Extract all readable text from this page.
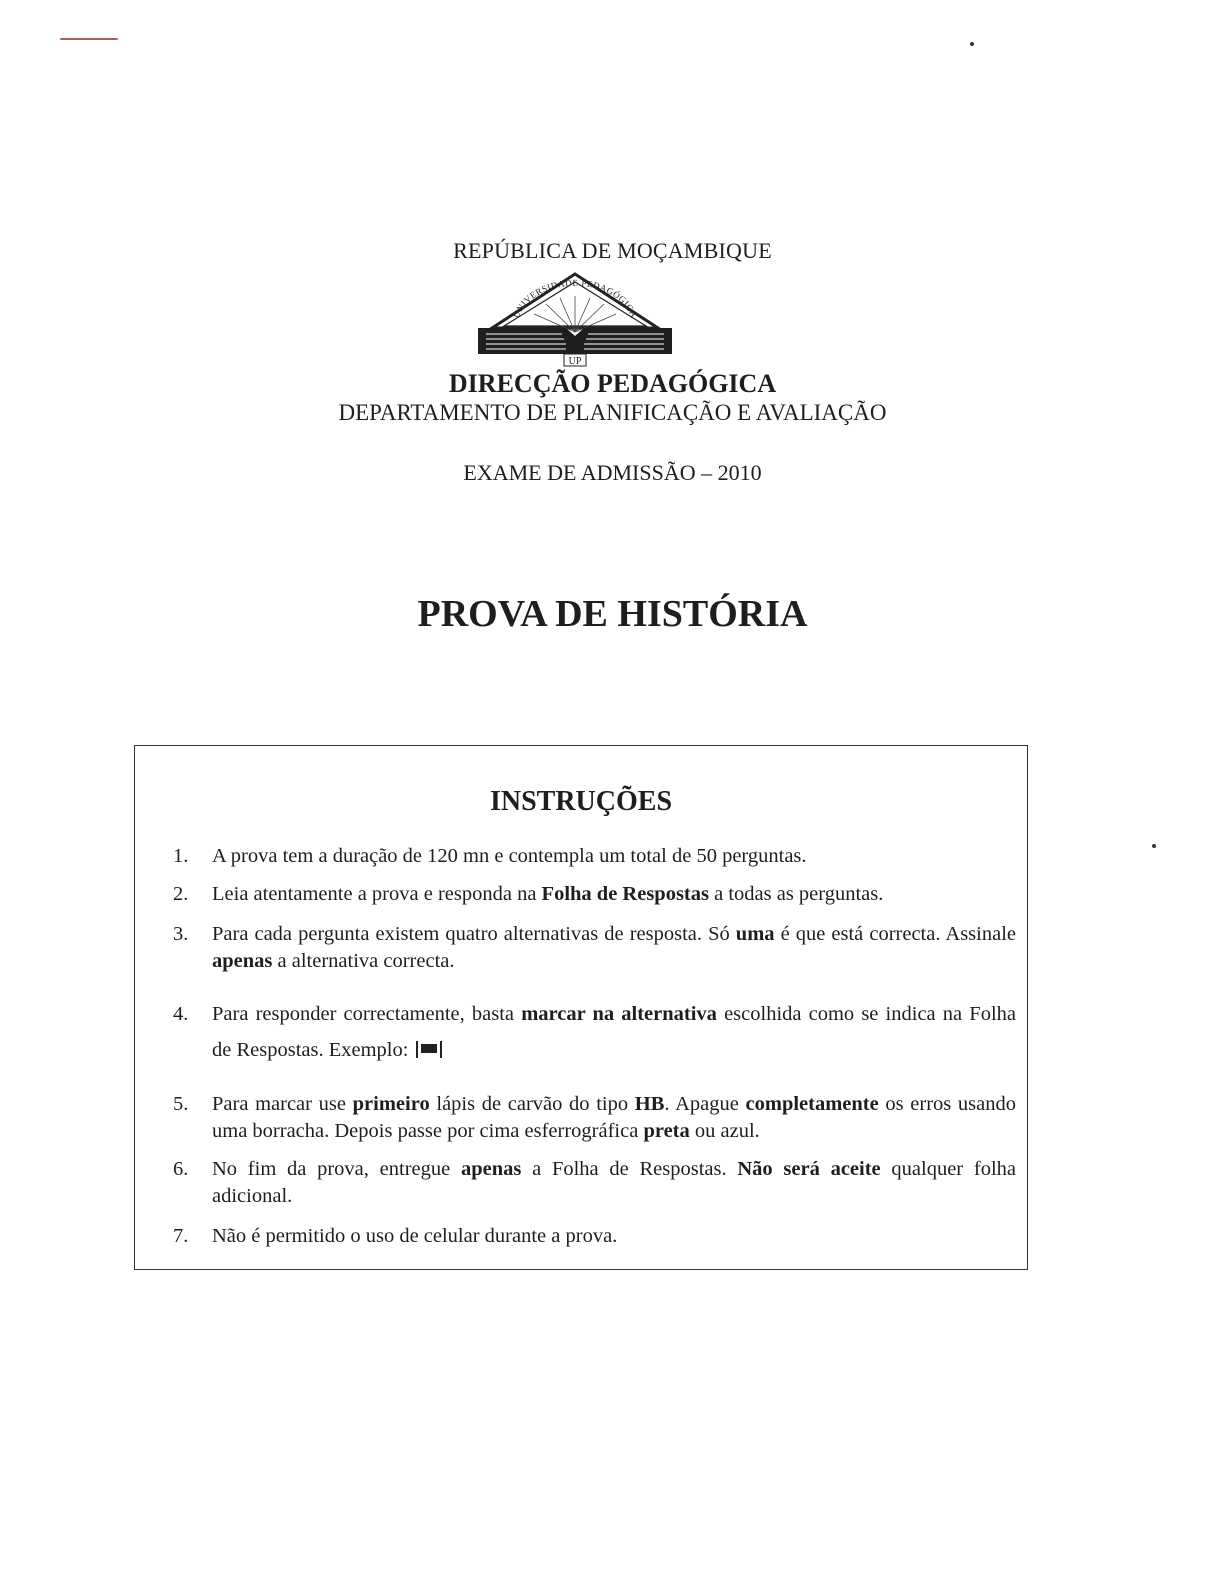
REPÚBLICA DE MOÇAMBIQUE
UNIVERSIDADE PEDAGÓGICA
UP
DIRECÇÃO PEDAGÓGICA
DEPARTAMENTO DE PLANIFICAÇÃO E AVALIAÇÃO
EXAME DE ADMISSÃO – 2010
PROVA DE HISTÓRIA
INSTRUÇÕES
1. A prova tem a duração de 120 mn e contempla um total de 50 perguntas.
2. Leia atentamente a prova e responda na Folha de Respostas a todas as perguntas.
3. Para cada pergunta existem quatro alternativas de resposta. Só uma é que está correcta. Assinale apenas a alternativa correcta.
4. Para responder correctamente, basta marcar na alternativa escolhida como se indica na Folha de Respostas. Exemplo:
5. Para marcar use primeiro lápis de carvão do tipo HB. Apague completamente os erros usando uma borracha. Depois passe por cima esferrográfica preta ou azul.
6. No fim da prova, entregue apenas a Folha de Respostas. Não será aceite qualquer folha adicional.
7. Não é permitido o uso de celular durante a prova.
